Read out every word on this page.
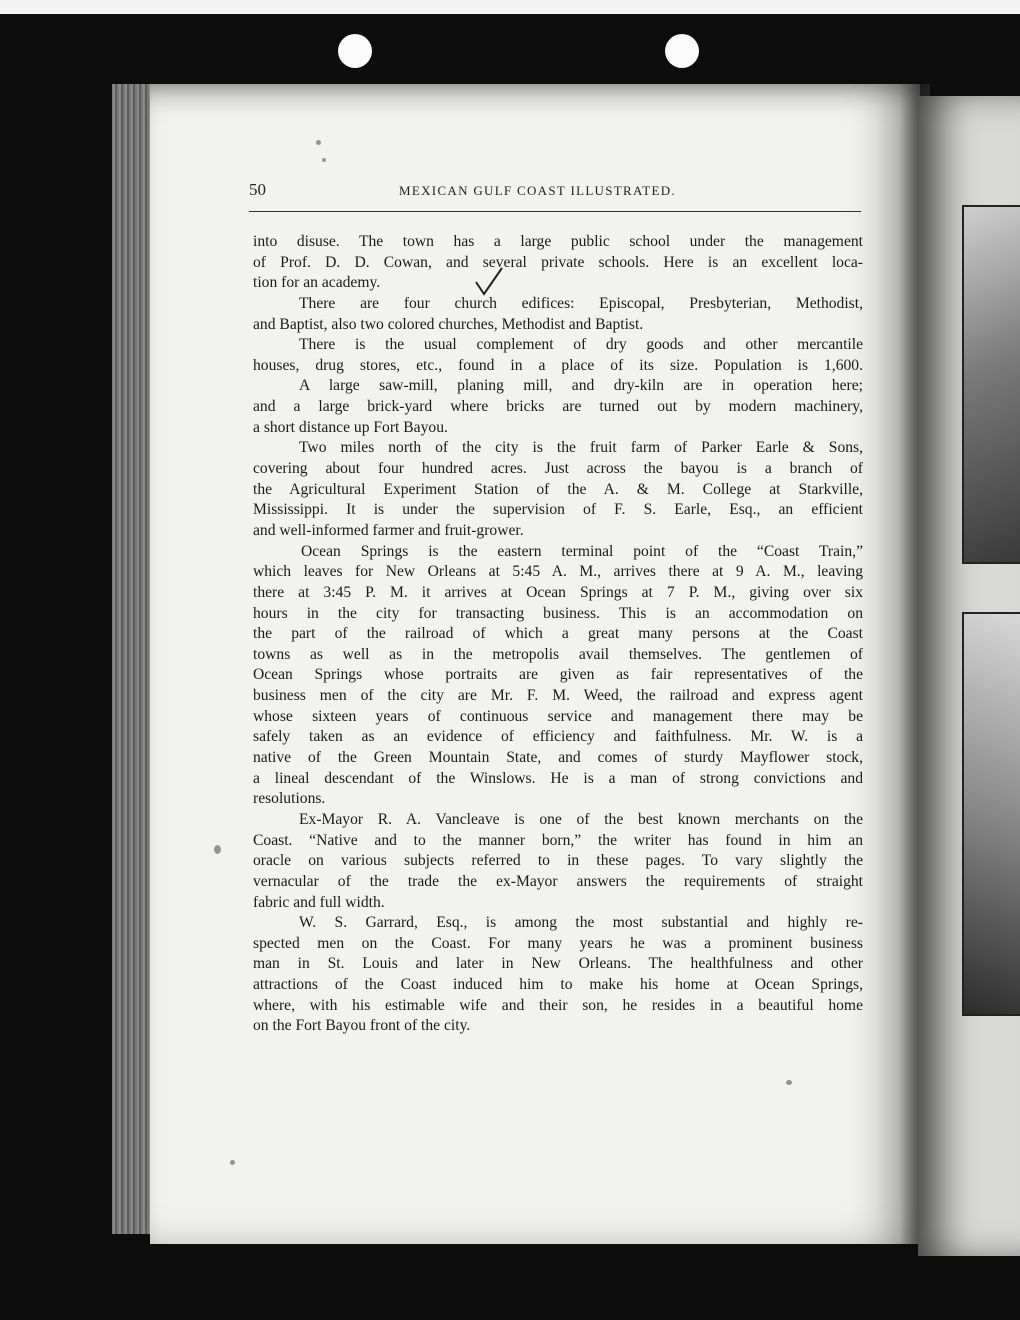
50	MEXICAN GULF COAST ILLUSTRATED.
into disuse. The town has a large public school under the management
of Prof. D. D. Cowan, and several private schools. Here is an excellent loca-
tion for an academy.
There are four church edifices: Episcopal, Presbyterian, Methodist,
and Baptist, also two colored churches, Methodist and Baptist.
There is the usual complement of dry goods and other mercantile
houses, drug stores, etc., found in a place of its size. Population is 1,600.
A large saw-mill, planing mill, and dry-kiln are in operation here;
and a large brick-yard where bricks are turned out by modern machinery,
a short distance up Fort Bayou.
Two miles north of the city is the fruit farm of Parker Earle & Sons,
covering about four hundred acres. Just across the bayou is a branch of
the Agricultural Experiment Station of the A. & M. College at Starkville,
Mississippi. It is under the supervision of F. S. Earle, Esq., an efficient
and well-informed farmer and fruit-grower.
Ocean Springs is the eastern terminal point of the “Coast Train,”
which leaves for New Orleans at 5:45 A. M., arrives there at 9 A. M., leaving
there at 3:45 P. M. it arrives at Ocean Springs at 7 P. M., giving over six
hours in the city for transacting business. This is an accommodation on
the part of the railroad of which a great many persons at the Coast
towns as well as in the metropolis avail themselves. The gentlemen of
Ocean Springs whose portraits are given as fair representatives of the
business men of the city are Mr. F. M. Weed, the railroad and express agent
whose sixteen years of continuous service and management there may be
safely taken as an evidence of efficiency and faithfulness. Mr. W. is a
native of the Green Mountain State, and comes of sturdy Mayflower stock,
a lineal descendant of the Winslows. He is a man of strong convictions and
resolutions.
Ex-Mayor R. A. Vancleave is one of the best known merchants on the
Coast. “Native and to the manner born,” the writer has found in him an
oracle on various subjects referred to in these pages. To vary slightly the
vernacular of the trade the ex-Mayor answers the requirements of straight
fabric and full width.
W. S. Garrard, Esq., is among the most substantial and highly re-
spected men on the Coast. For many years he was a prominent business
man in St. Louis and later in New Orleans. The healthfulness and other
attractions of the Coast induced him to make his home at Ocean Springs,
where, with his estimable wife and their son, he resides in a beautiful home
on the Fort Bayou front of the city.
